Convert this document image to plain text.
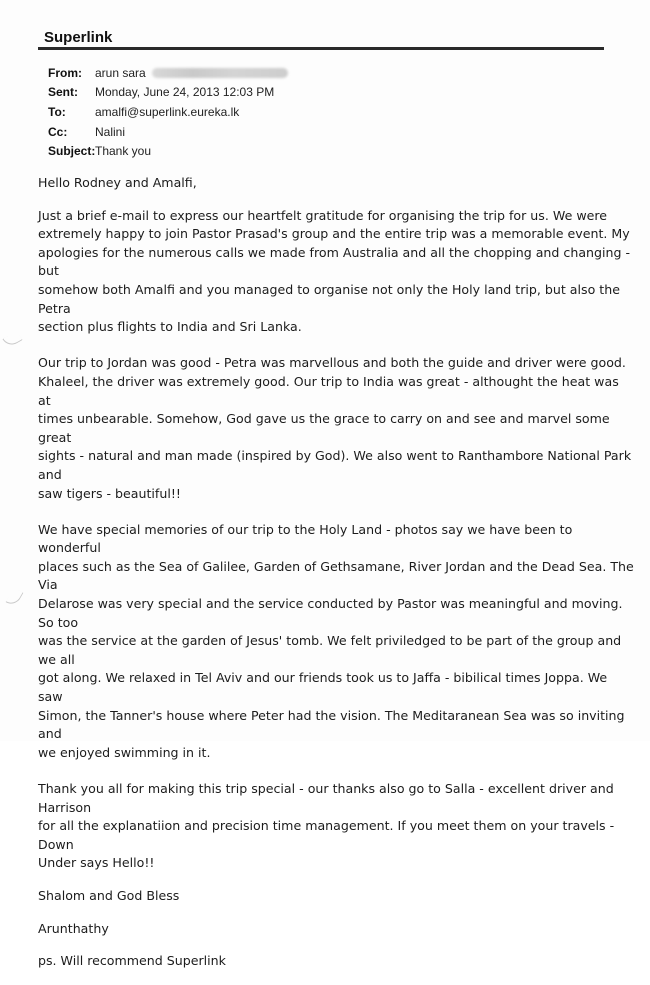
Superlink
From:	arun sara
Sent:	Monday, June 24, 2013 12:03 PM
To:	amalfi@superlink.eureka.lk
Cc:	Nalini
Subject: Thank you

Hello Rodney and Amalfi,

Just a brief e-mail to express our heartfelt gratitude for organising the trip for us. We were
extremely happy to join Pastor Prasad's group and the entire trip was a memorable event. My
apologies for the numerous calls we made from Australia and all the chopping and changing - but
somehow both Amalfi and you managed to organise not only the Holy land trip, but also the Petra
section plus flights to India and Sri Lanka.

Our trip to Jordan was good - Petra was marvellous and both the guide and driver were good.
Khaleel, the driver was extremely good. Our trip to India was great - althought the heat was at
times unbearable. Somehow, God gave us the grace to carry on and see and marvel some great
sights - natural and man made (inspired by God). We also went to Ranthambore National Park and
saw tigers - beautiful!!

We have special memories of our trip to the Holy Land - photos say we have been to wonderful
places such as the Sea of Galilee, Garden of Gethsamane, River Jordan and the Dead Sea. The Via
Delarose was very special and the service conducted by Pastor was meaningful and moving. So too
was the service at the garden of Jesus' tomb. We felt priviledged to be part of the group and we all
got along. We relaxed in Tel Aviv and our friends took us to Jaffa - bibilical times Joppa. We saw
Simon, the Tanner's house where Peter had the vision. The Meditaranean Sea was so inviting and
we enjoyed swimming in it.

Thank you all for making this trip special - our thanks also go to Salla - excellent driver and Harrison
for all the explanatiion and precision time management. If you meet them on your travels - Down
Under says Hello!!

Shalom and God Bless

Arunthathy

ps. Will recommend Superlink
